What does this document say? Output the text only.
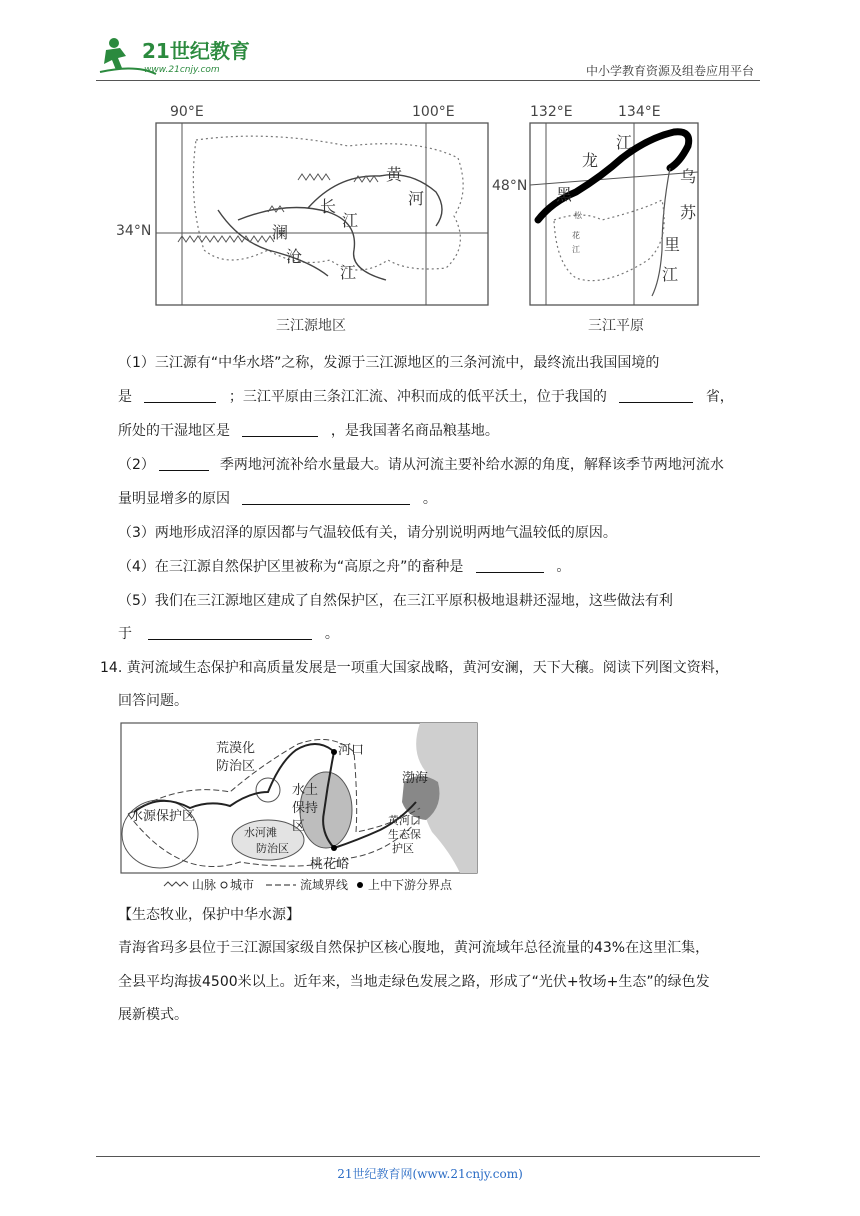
21世纪教育
www.21cnjy.com	中小学教育资源及组卷应用平台
90°E	100°E
34°N
黄
河
长
江
澜
沧
江
三江源地区
132°E	134°E
48°N 黑
龙
江
乌
苏
里
江
松
花
江
三江平原
（1）三江源有“中华水塔”之称，发源于三江源地区的三条河流中，最终流出我国国境的
是	；三江平原由三条江汇流、冲积而成的低平沃土，位于我国的	省，
所处的干湿地区是	，是我国著名商品粮基地。
（2）	季两地河流补给水量最大。请从河流主要补给水源的角度，解释该季节两地河流水
量明显增多的原因	。
（3）两地形成沼泽的原因都与气温较低有关，请分别说明两地气温较低的原因。
（4）在三江源自然保护区里被称为“高原之舟”的畜种是	。
（5）我们在三江源地区建成了自然保护区，在三江平原积极地退耕还湿地，这些做法有利
于	。
14. 黄河流域生态保护和高质量发展是一项重大国家战略，黄河安澜，天下大穰。阅读下列图文资料，
回答问题。
荒漠化
防治区
河口
渤海
水土
保持
区
水源保护区
桃花峪
水河滩
防治区
黄河口
生态保
护区
山脉 城市	流域界线 上中下游分界点
【生态牧业，保护中华水源】
青海省玛多县位于三江源国家级自然保护区核心腹地，黄河流域年总径流量的43%在这里汇集，
全县平均海拔4500米以上。近年来，当地走绿色发展之路，形成了“光伏+牧场+生态”的绿色发
展新模式。
21世纪教育网(www.21cnjy.com)
